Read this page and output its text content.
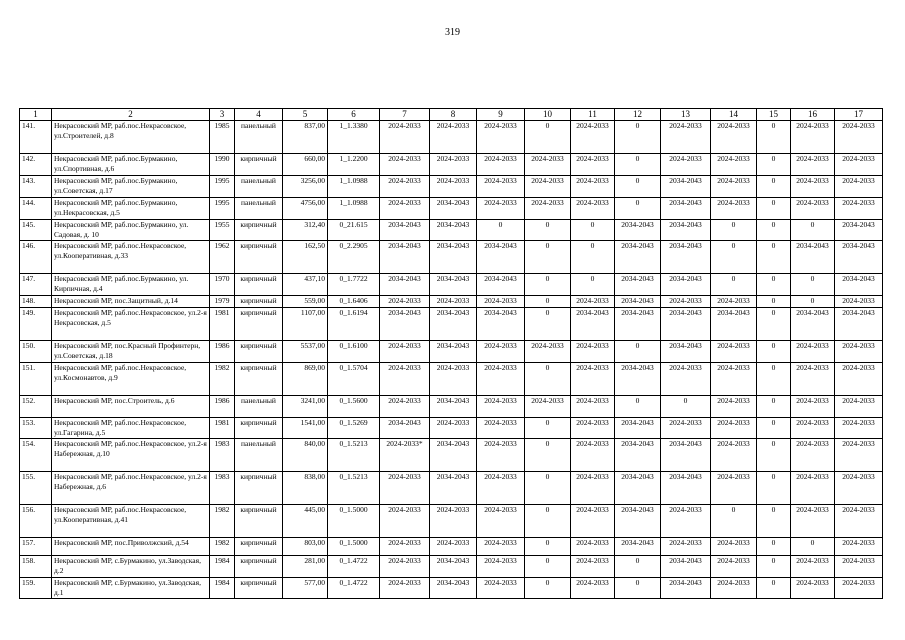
319
1	2	3	4	5	6	7	8	9	10	11	12	13	14	15	16	17
141.	Некрасовский МР, раб.пос.Некрасовское, ул.Строителей, д.8	1985	панельный	837,00	1_1.3380	2024-2033	2024-2033	2024-2033	0	2024-2033	0	2024-2033	2024-2033	0	2024-2033	2024-2033
142.	Некрасовский МР, раб.пос.Бурмакино, ул.Спортивная, д.6	1990	кирпичный	660,00	1_1.2200	2024-2033	2024-2033	2024-2033	2024-2033	2024-2033	0	2024-2033	2024-2033	0	2024-2033	2024-2033
143.	Некрасовский МР, раб.пос.Бурмакино, ул.Советская, д.17	1995	панельный	3256,00	1_1.0988	2024-2033	2024-2033	2024-2033	2024-2033	2024-2033	0	2034-2043	2024-2033	0	2024-2033	2024-2033
144.	Некрасовский МР, раб.пос.Бурмакино, ул.Некрасовская, д.5	1995	панельный	4756,00	1_1.0988	2024-2033	2034-2043	2024-2033	2024-2033	2024-2033	0	2034-2043	2024-2033	0	2024-2033	2024-2033
145.	Некрасовский МР, раб.пос.Бурмакино, ул. Садовая, д. 10	1955	кирпичный	312,40	0_21.615	2034-2043	2034-2043	0	0	0	2034-2043	2034-2043	0	0	0	2034-2043
146.	Некрасовский МР, раб.пос.Некрасовское, ул.Кооперативная, д.33	1962	кирпичный	162,50	0_2.2905	2034-2043	2034-2043	2034-2043	0	0	2034-2043	2034-2043	0	0	2034-2043	2034-2043
147.	Некрасовский МР, раб.пос.Бурмакино, ул. Кирпичная, д.4	1970	кирпичный	437,10	0_1.7722	2034-2043	2034-2043	2034-2043	0	0	2034-2043	2034-2043	0	0	0	2034-2043
148.	Некрасовский МР, пос.Защитный, д.14	1979	кирпичный	559,00	0_1.6406	2024-2033	2024-2033	2024-2033	0	2024-2033	2034-2043	2024-2033	2024-2033	0	0	2024-2033
149.	Некрасовский МР, раб.пос.Некрасовское, ул.2-я Некрасовская, д.5	1981	кирпичный	1107,00	0_1.6194	2034-2043	2034-2043	2034-2043	0	2034-2043	2034-2043	2034-2043	2034-2043	0	2034-2043	2034-2043
150.	Некрасовский МР, пос.Красный Профинтерн, ул.Советская, д.18	1986	кирпичный	5537,00	0_1.6100	2024-2033	2034-2043	2024-2033	2024-2033	2024-2033	0	2034-2043	2024-2033	0	2024-2033	2024-2033
151.	Некрасовский МР, раб.пос.Некрасовское, ул.Космонавтов, д.9	1982	кирпичный	869,00	0_1.5704	2024-2033	2024-2033	2024-2033	0	2024-2033	2034-2043	2024-2033	2024-2033	0	2024-2033	2024-2033
152.	Некрасовский МР, пос.Строитель, д.6	1986	панельный	3241,00	0_1.5600	2024-2033	2034-2043	2024-2033	2024-2033	2024-2033	0	0	2024-2033	0	2024-2033	2024-2033
153.	Некрасовский МР, раб.пос.Некрасовское, ул.Гагарина, д.5	1981	кирпичный	1541,00	0_1.5269	2034-2043	2024-2033	2024-2033	0	2024-2033	2034-2043	2024-2033	2024-2033	0	2024-2033	2024-2033
154.	Некрасовский МР, раб.пос.Некрасовское, ул.2-я Набережная, д.10	1983	панельный	840,00	0_1.5213	2024-2033*	2034-2043	2024-2033	0	2024-2033	2034-2043	2034-2043	2024-2033	0	2024-2033	2024-2033
155.	Некрасовский МР, раб.пос.Некрасовское, ул.2-я Набережная, д.6	1983	кирпичный	838,00	0_1.5213	2024-2033	2034-2043	2024-2033	0	2024-2033	2034-2043	2034-2043	2024-2033	0	2024-2033	2024-2033
156.	Некрасовский МР, раб.пос.Некрасовское, ул.Кооперативная, д.41	1982	кирпичный	445,00	0_1.5000	2024-2033	2024-2033	2024-2033	0	2024-2033	2034-2043	2024-2033	0	0	2024-2033	2024-2033
157.	Некрасовский МР, пос.Приволжский, д.54	1982	кирпичный	803,00	0_1.5000	2024-2033	2024-2033	2024-2033	0	2024-2033	2034-2043	2024-2033	2024-2033	0	0	2024-2033
158.	Некрасовский МР, с.Бурмакино, ул.Заводская, д.2	1984	кирпичный	281,00	0_1.4722	2024-2033	2034-2043	2024-2033	0	2024-2033	0	2034-2043	2024-2033	0	2024-2033	2024-2033
159.	Некрасовский МР, с.Бурмакино, ул.Заводская, д.1	1984	кирпичный	577,00	0_1.4722	2024-2033	2034-2043	2024-2033	0	2024-2033	0	2034-2043	2024-2033	0	2024-2033	2024-2033
